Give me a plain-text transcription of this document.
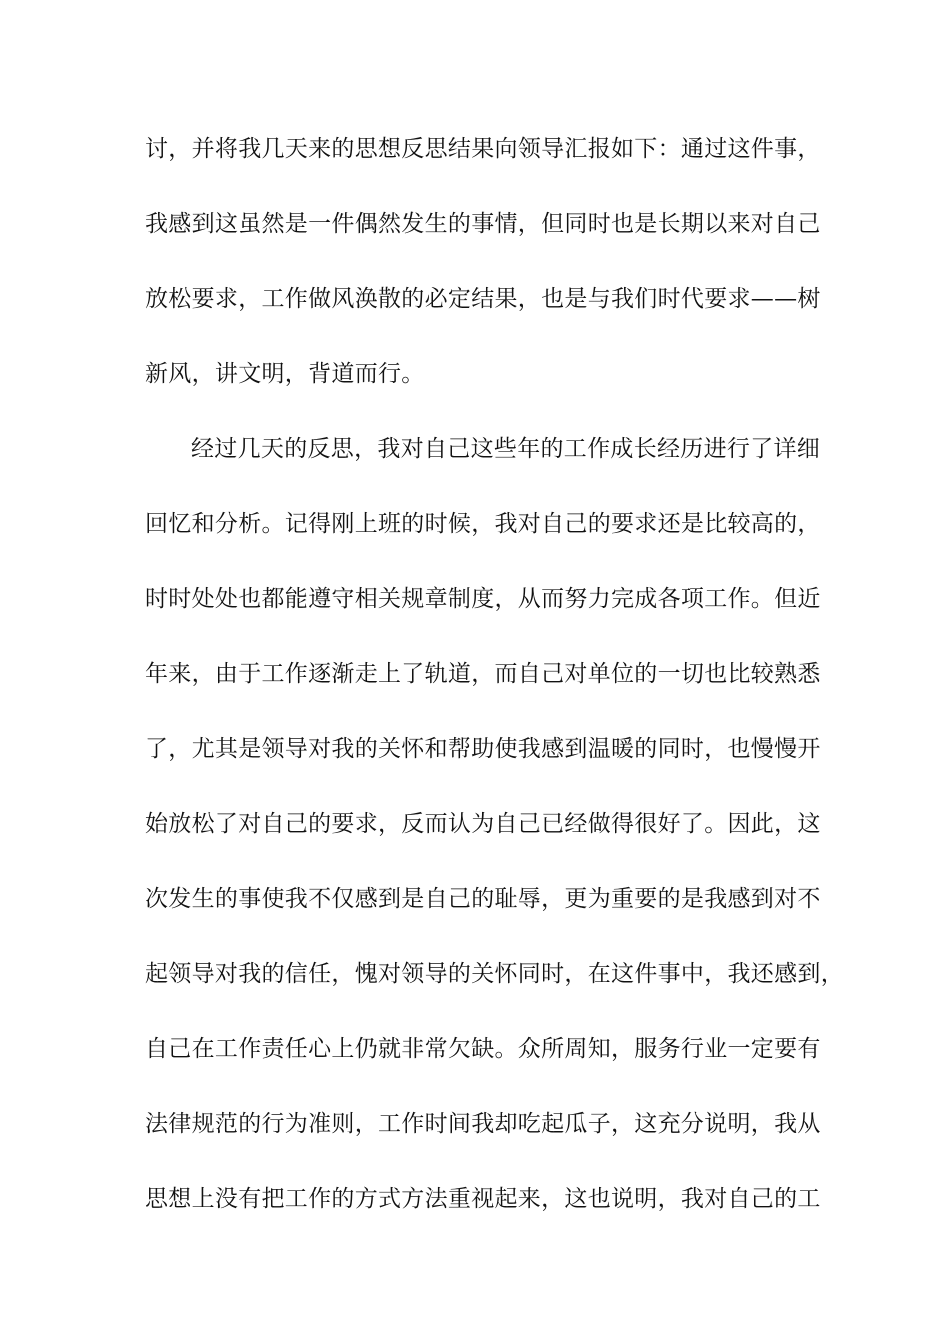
讨，并将我几天来的思想反思结果向领导汇报如下：通过这件事，
我感到这虽然是一件偶然发生的事情，但同时也是长期以来对自己
放松要求，工作做风涣散的必定结果，也是与我们时代要求——树
新风，讲文明，背道而行。
经过几天的反思，我对自己这些年的工作成长经历进行了详细
回忆和分析。记得刚上班的时候，我对自己的要求还是比较高的，
时时处处也都能遵守相关规章制度，从而努力完成各项工作。但近
年来，由于工作逐渐走上了轨道，而自己对单位的一切也比较熟悉
了，尤其是领导对我的关怀和帮助使我感到温暖的同时，也慢慢开
始放松了对自己的要求，反而认为自己已经做得很好了。因此，这
次发生的事使我不仅感到是自己的耻辱，更为重要的是我感到对不
起领导对我的信任，愧对领导的关怀同时，在这件事中，我还感到，
自己在工作责任心上仍就非常欠缺。众所周知，服务行业一定要有
法律规范的行为准则，工作时间我却吃起瓜子，这充分说明，我从
思想上没有把工作的方式方法重视起来，这也说明，我对自己的工
